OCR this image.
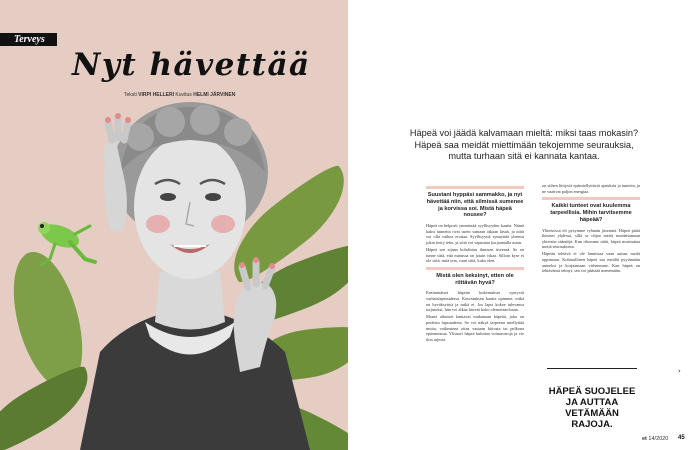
Terveys
Nyt hävettää
Teksti VIRPI HELLERI Kuvitus HELMI JÄRVINEN
Häpeä voi jäädä kalvamaan mieltä: miksi taas mokasin? Häpeä saa meidät miettimään tekojemme seurauksia, mutta turhaan sitä ei kannata kantaa.
Suustani hyppäsi sammakko, ja nyt hävettää niin, että silmissä sumenee ja korvissa soi. Mistä häpeä nousee?

Häpeä on helposti ymmärrää syyllisyyden kautta. Nämä kaksi tunnetta ovat usein samaan aikaan läsnä, ja niitä voi olla vaikea erottaa. Syyllisyyttä synnyttää yleensä jokin tietty teko, ja siitä voi vapautua korjaamalla asian.

Häpeä sen sijaan kohdistuu ihmisen itseensä. Se on tunne siitä, että minussa on jotain vikaa. Silloin kyse ei ole siitä, mitä tein, vaan siitä, kuka olen.

Mistä olen keksinyt, etten ole riittävän hyvä?

Ensimmäiset häpeän kokemukset syntyvät varhaislapsuudessa. Kasvatuksen kautta opimme, mikä on hyväksyttyä ja mikä ei. Jos lapsi kokee tulevansa torjutuksi, hän voi alkaa hävetä koko olemassaoloaan.

Monet aikuiset kantavat mukanaan häpeää, joka on peräisin lapsuudesta. Se voi näkyä tarpeena miellyttää muita, vaikeutena ottaa vastaan kiitosta tai pelkona epäonnistua. Ylisuuri häpeä kuluttaa voimavaroja ja vie ilon arjesta.

on siihen liittyviä epämiellyttäviä ajatuksia ja tunteita, ja ne vaativat paljon energiaa.

Kaikki tunteet ovat kuulemma tarpeellisia. Mihin tarvitsemme häpeää?

Yhteisössä eli pysymme ryhmän jäseninä. Häpeä pitää ihmiset yhdessä, sillä se ohjaa meitä noudattamaan yhteisön sääntöjä. Kun rikomme niitä, häpeä muistuttaa meitä seurauksista.

Häpeän tehtävä ei ole lannistaa vaan auttaa meitä oppimaan. Kohtuullinen häpeä saa meidät pyytämään anteeksi ja korjaamaan virheemme. Kun häpeä on tehtävänsä tehnyt, sen voi päästää menemään.

›
HÄPEÄ SUOJELEE JA AUTTAA VETÄMÄÄN RAJOJA.
et 14/2020 45
